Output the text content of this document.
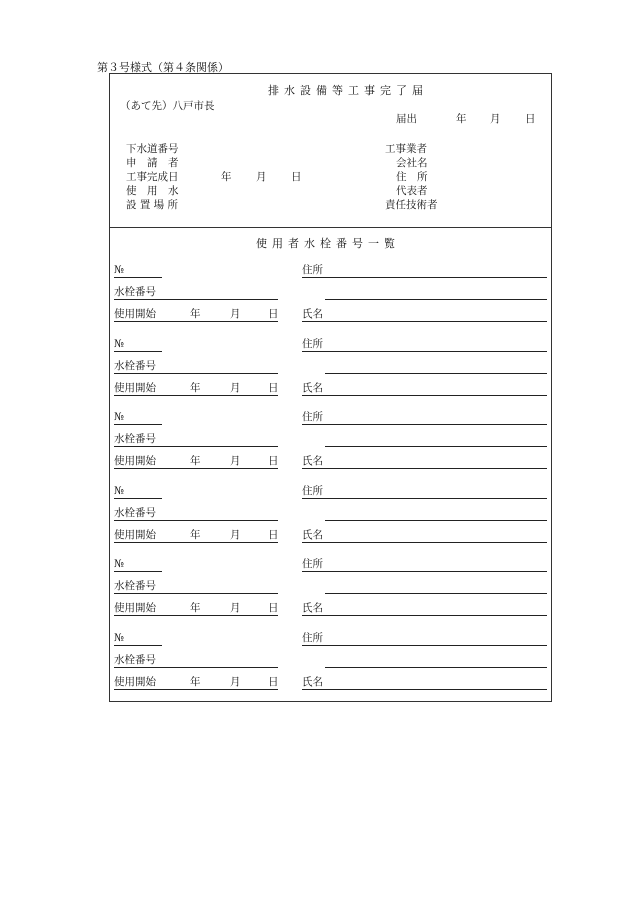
第３号様式（第４条関係）
排水設備等工事完了届
（あて先）八戸市長
届出	年 月 日
下水道番号
申　請　者
工事完成日	年 月 日
使　用　水
設 置 場 所
工事業者
会社名
住　所
代表者
責任技術者
使用者水栓番号一覧
№	住所
水栓番号
使用開始	年	月	日 氏名
№	住所
水栓番号
使用開始	年	月	日 氏名
№	住所
水栓番号
使用開始	年	月	日 氏名
№	住所
水栓番号
使用開始	年	月	日 氏名
№	住所
水栓番号
使用開始	年	月	日 氏名
№	住所
水栓番号
使用開始	年	月	日 氏名
